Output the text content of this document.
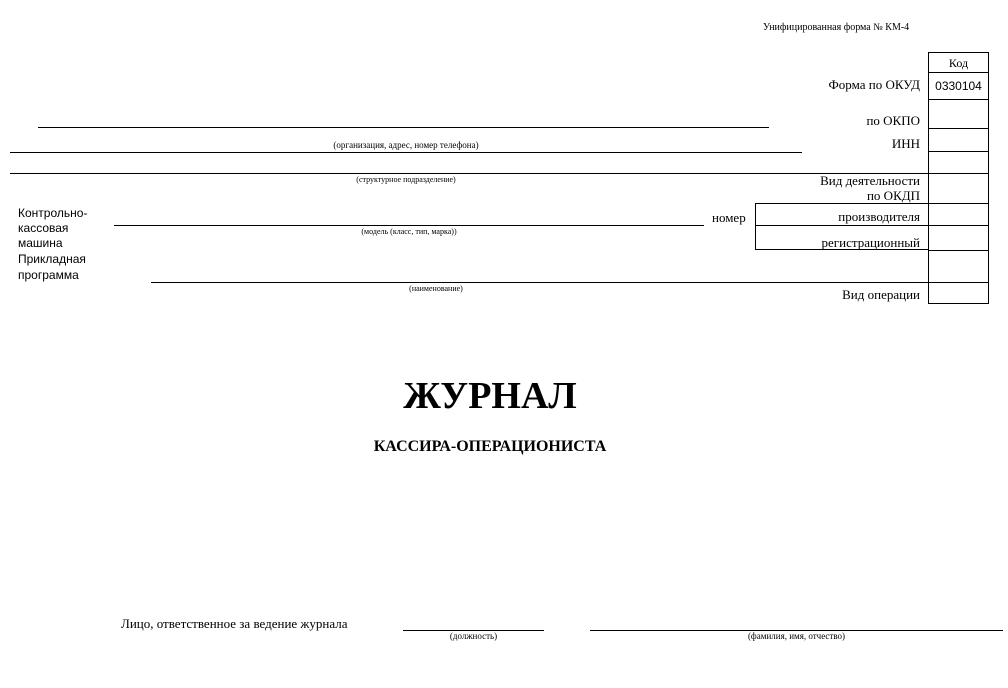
Унифицированная форма № КМ-4
Код
0330104
Форма по ОКУД
по ОКПО
ИНН
Вид деятельности
по ОКДП
производителя
регистрационный
Вид операции
номер
(организация, адрес, номер телефона)
(структурное подразделение)
Контрольно-
кассовая
машина
Прикладная
программа
(модель (класс, тип, марка))
(наименование)
ЖУРНАЛ
КАССИРА-ОПЕРАЦИОНИСТА
Лицо, ответственное за ведение журнала
(должность)	(фамилия, имя, отчество)
